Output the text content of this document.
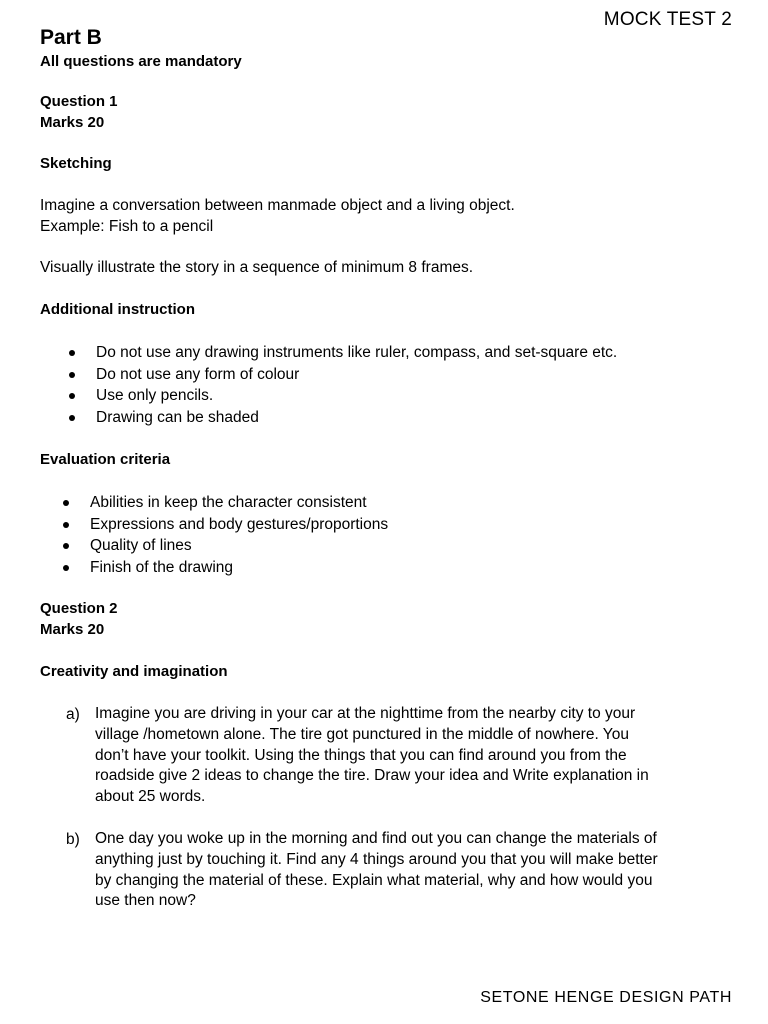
MOCK TEST 2
Part B
All questions are mandatory
Question 1
Marks 20
Sketching
Imagine a conversation between manmade object and a living object.
Example: Fish to a pencil
Visually illustrate the story in a sequence of minimum 8 frames.
Additional instruction
Do not use any drawing instruments like ruler, compass, and set-square etc.
Do not use any form of colour
Use only pencils.
Drawing can be shaded
Evaluation criteria
Abilities in keep the character consistent
Expressions and body gestures/proportions
Quality of lines
Finish of the drawing
Question 2
Marks 20
Creativity and imagination
a) Imagine you are driving in your car at the nighttime from the nearby city to your
village /hometown alone. The tire got punctured in the middle of nowhere. You
don’t have your toolkit. Using the things that you can find around you from the
roadside give 2 ideas to change the tire. Draw your idea and Write explanation in
about 25 words.
b) One day you woke up in the morning and find out you can change the materials of
anything just by touching it. Find any 4 things around you that you will make better
by changing the material of these. Explain what material, why and how would you
use then now?
SETONE HENGE DESIGN PATH
